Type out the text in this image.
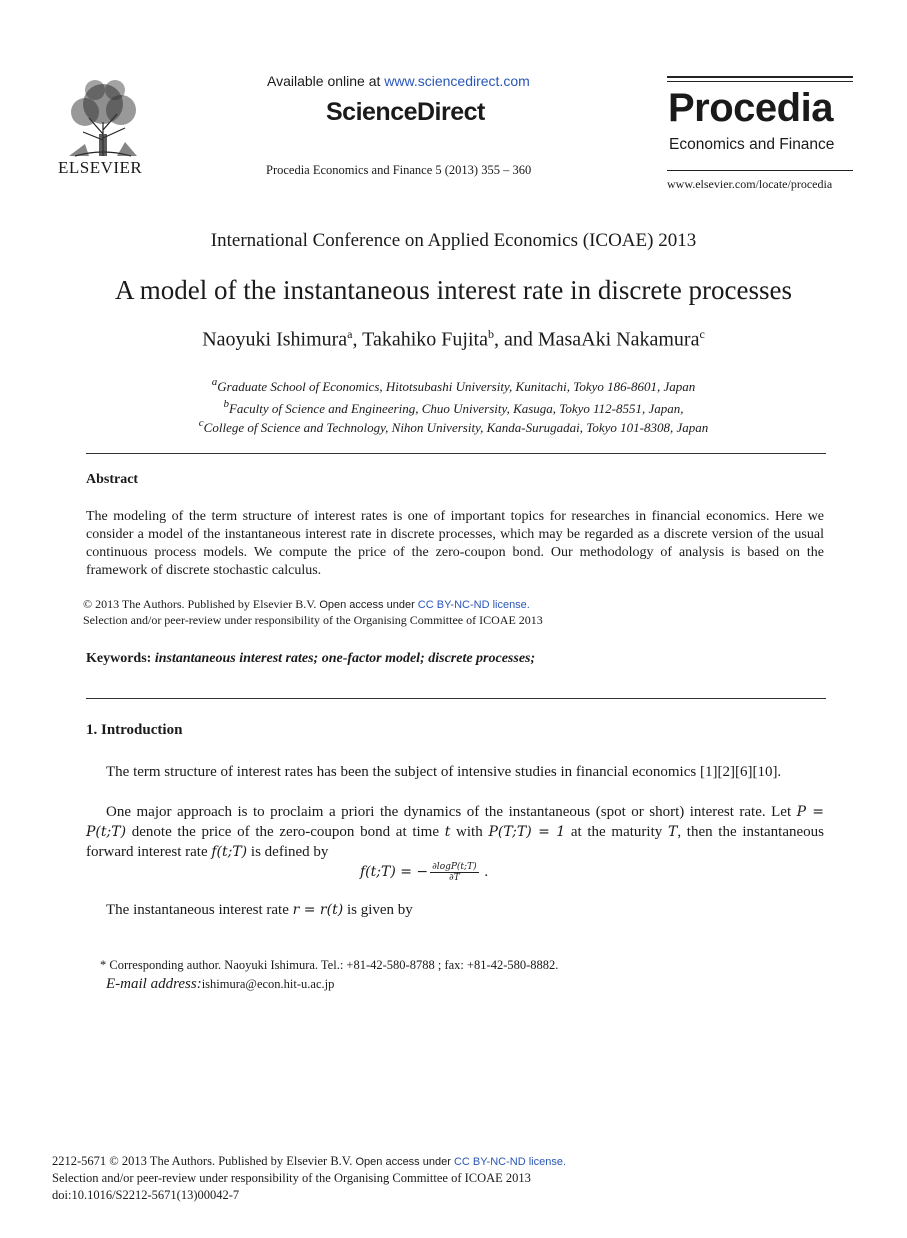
ELSEVIER
Available online at www.sciencedirect.com
ScienceDirect
Procedia Economics and Finance 5 (2013) 355 – 360
Procedia
Economics and Finance
www.elsevier.com/locate/procedia
International Conference on Applied Economics (ICOAE) 2013
A model of the instantaneous interest rate in discrete processes
Naoyuki Ishimura$^a$, Takahiko Fujita$^b$, and MasaAki Nakamura$^c$
$^a$Graduate School of Economics, Hitotsubashi University, Kunitachi, Tokyo 186-8601, Japan
$^b$Faculty of Science and Engineering, Chuo University, Kasuga, Tokyo 112-8551, Japan,
$^c$College of Science and Technology, Nihon University, Kanda-Surugadai, Tokyo 101-8308, Japan
Abstract
The modeling of the term structure of interest rates is one of important topics for researches in financial economics. Here we consider a model of the instantaneous interest rate in discrete processes, which may be regarded as a discrete version of the usual continuous process models. We compute the price of the zero-coupon bond. Our methodology of analysis is based on the framework of discrete stochastic calculus.
© 2013 The Authors. Published by Elsevier B.V. Open access under CC BY-NC-ND license.
Selection and/or peer-review under responsibility of the Organising Committee of ICOAE 2013
Keywords: instantaneous interest rates; one-factor model; discrete processes;
1. Introduction
The term structure of interest rates has been the subject of intensive studies in financial economics [1][2][6][10].
One major approach is to proclaim a priori the dynamics of the instantaneous (spot or short) interest rate. Let P = P(t;T) denote the price of the zero-coupon bond at time t with P(T;T) = 1 at the maturity T, then the instantaneous forward interest rate f(t;T) is defined by
f(t;T) = − $\frac{\partial\log P(t;T)}{\partial T}$ .
The instantaneous interest rate r = r(t) is given by
* Corresponding author. Naoyuki Ishimura. Tel.: +81-42-580-8788 ; fax: +81-42-580-8882.
E-mail address:ishimura@econ.hit-u.ac.jp
2212-5671 © 2013 The Authors. Published by Elsevier B.V. Open access under CC BY-NC-ND license.
Selection and/or peer-review under responsibility of the Organising Committee of ICOAE 2013
doi:10.1016/S2212-5671(13)00042-7
